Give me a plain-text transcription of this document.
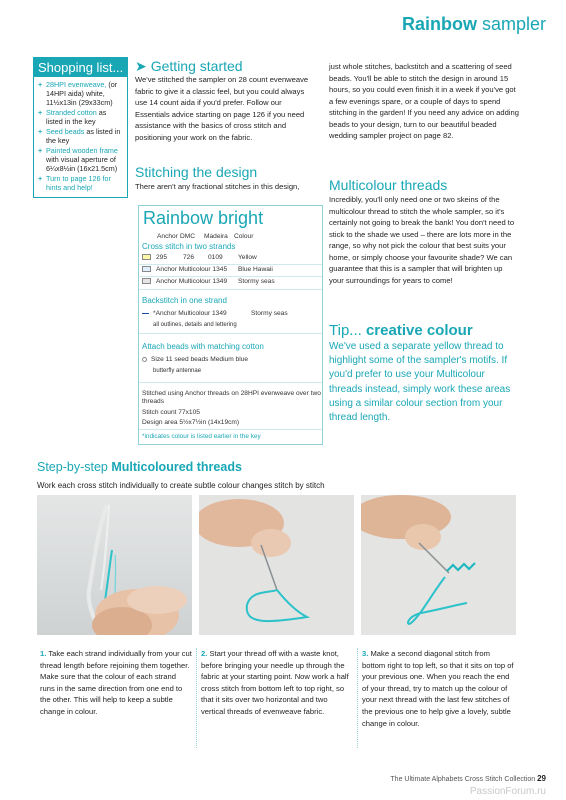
Rainbow sampler
Shopping list...
+ 28HPI evenweave, (or 14HPI aida) white, 11½x13in (29x33cm)
+ Stranded cotton as listed in the key
+ Seed beads as listed in the key
+ Painted wooden frame with visual aperture of 6¼x8½in (16x21.5cm)
+ Turn to page 126 for hints and help!
➤ Getting started
We've stitched the sampler on 28 count evenweave fabric to give it a classic feel, but you could always use 14 count aida if you'd prefer. Follow our Essentials advice starting on page 126 if you need assistance with the basics of cross stitch and positioning your work on the fabric.
Stitching the design
There aren't any fractional stitches in this design,
just whole stitches, backstitch and a scattering of seed beads. You'll be able to stitch the design in around 15 hours, so you could even finish it in a week if you've got a few evenings spare, or a couple of days to spend stitching in the garden! If you need any advice on adding beads to your design, turn to our beautiful beaded wedding sampler project on page 82.
Multicolour threads
Incredibly, you'll only need one or two skeins of the multicolour thread to stitch the whole sampler, so it's certainly not going to break the bank! You don't need to stick to the shade we used – there are lots more in the range, so why not pick the colour that best suits your home, or simply choose your favourite shade? We can guarantee that this is a sampler that will brighten up your surroundings for years to come!
Tip... creative colour
We've used a separate yellow thread to highlight some of the sampler's motifs. If you'd prefer to use your Multicolour threads instead, simply work these areas using a similar colour section from your thread length.
Rainbow bright
Anchor DMC Madeira Colour
Cross stitch in two strands
295 726 0109 Yellow
Anchor Multicolour 1345 Blue Hawaii
Anchor Multicolour 1349 Stormy seas
Backstitch in one strand
*Anchor Multicolour 1349	Stormy seas
all outlines, details and lettering
Attach beads with matching cotton
Size 11 seed beads Medium blue
butterfly antennae
Stitched using Anchor threads on 28HPI evenweave over two threads
Stitch count 77x105
Design area 5½x7½in (14x19cm)
*indicates colour is listed earlier in the key
Step-by-step Multicoloured threads
Work each cross stitch individually to create subtle colour changes stitch by stitch
1. Take each strand individually from your cut thread length before rejoining them together. Make sure that the colour of each strand runs in the same direction from one end to the other. This will help to keep a subtle change in colour.
2. Start your thread off with a waste knot, before bringing your needle up through the fabric at your starting point. Now work a half cross stitch from bottom left to top right, so that it sits over two horizontal and two vertical threads of evenweave fabric.
3. Make a second diagonal stitch from bottom right to top left, so that it sits on top of your previous one. When you reach the end of your thread, try to match up the colour of your next thread with the last few stitches of the previous one to help give a lovely, subtle change in colour.
The Ultimate Alphabets Cross Stitch Collection 29
PassionForum.ru
